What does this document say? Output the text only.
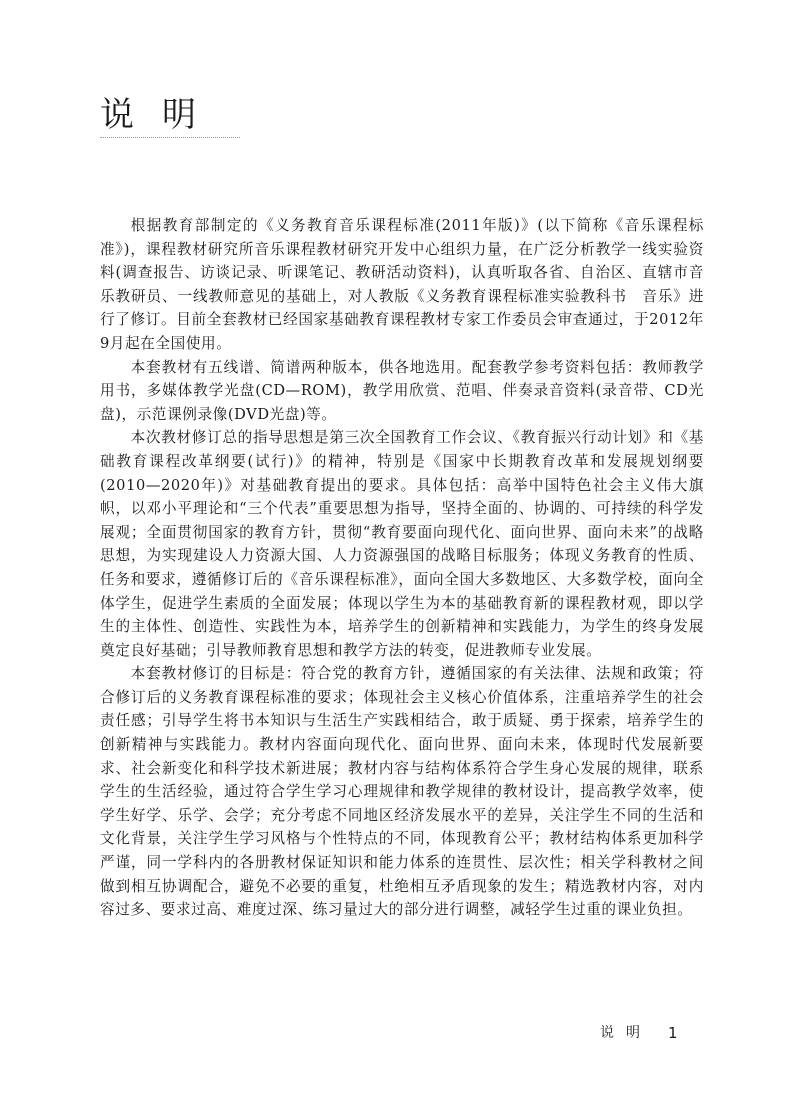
说明

根据教育部制定的《义务教育音乐课程标准(2011年版)》(以下简称《音乐课程标准》)，课程教材研究所音乐课程教材研究开发中心组织力量，在广泛分析教学一线实验资料(调查报告、访谈记录、听课笔记、教研活动资料)，认真听取各省、自治区、直辖市音乐教研员、一线教师意见的基础上，对人教版《义务教育课程标准实验教科书　音乐》进行了修订。目前全套教材已经国家基础教育课程教材专家工作委员会审查通过，于2012年9月起在全国使用。

本套教材有五线谱、简谱两种版本，供各地选用。配套教学参考资料包括：教师教学用书，多媒体教学光盘(CD—ROM)，教学用欣赏、范唱、伴奏录音资料(录音带、CD光盘)，示范课例录像(DVD光盘)等。

本次教材修订总的指导思想是第三次全国教育工作会议、《教育振兴行动计划》和《基础教育课程改革纲要(试行)》的精神，特别是《国家中长期教育改革和发展规划纲要(2010—2020年)》对基础教育提出的要求。具体包括：高举中国特色社会主义伟大旗帜，以邓小平理论和“三个代表”重要思想为指导，坚持全面的、协调的、可持续的科学发展观；全面贯彻国家的教育方针，贯彻“教育要面向现代化、面向世界、面向未来”的战略思想，为实现建设人力资源大国、人力资源强国的战略目标服务；体现义务教育的性质、任务和要求，遵循修订后的《音乐课程标准》，面向全国大多数地区、大多数学校，面向全体学生，促进学生素质的全面发展；体现以学生为本的基础教育新的课程教材观，即以学生的主体性、创造性、实践性为本，培养学生的创新精神和实践能力，为学生的终身发展奠定良好基础；引导教师教育思想和教学方法的转变，促进教师专业发展。

本套教材修订的目标是：符合党的教育方针，遵循国家的有关法律、法规和政策；符合修订后的义务教育课程标准的要求；体现社会主义核心价值体系，注重培养学生的社会责任感；引导学生将书本知识与生活生产实践相结合，敢于质疑、勇于探索，培养学生的创新精神与实践能力。教材内容面向现代化、面向世界、面向未来，体现时代发展新要求、社会新变化和科学技术新进展；教材内容与结构体系符合学生身心发展的规律，联系学生的生活经验，通过符合学生学习心理规律和教学规律的教材设计，提高教学效率，使学生好学、乐学、会学；充分考虑不同地区经济发展水平的差异，关注学生不同的生活和文化背景，关注学生学习风格与个性特点的不同，体现教育公平；教材结构体系更加科学严谨，同一学科内的各册教材保证知识和能力体系的连贯性、层次性；相关学科教材之间做到相互协调配合，避免不必要的重复，杜绝相互矛盾现象的发生；精选教材内容，对内容过多、要求过高、难度过深、练习量过大的部分进行调整，减轻学生过重的课业负担。

说明 1
